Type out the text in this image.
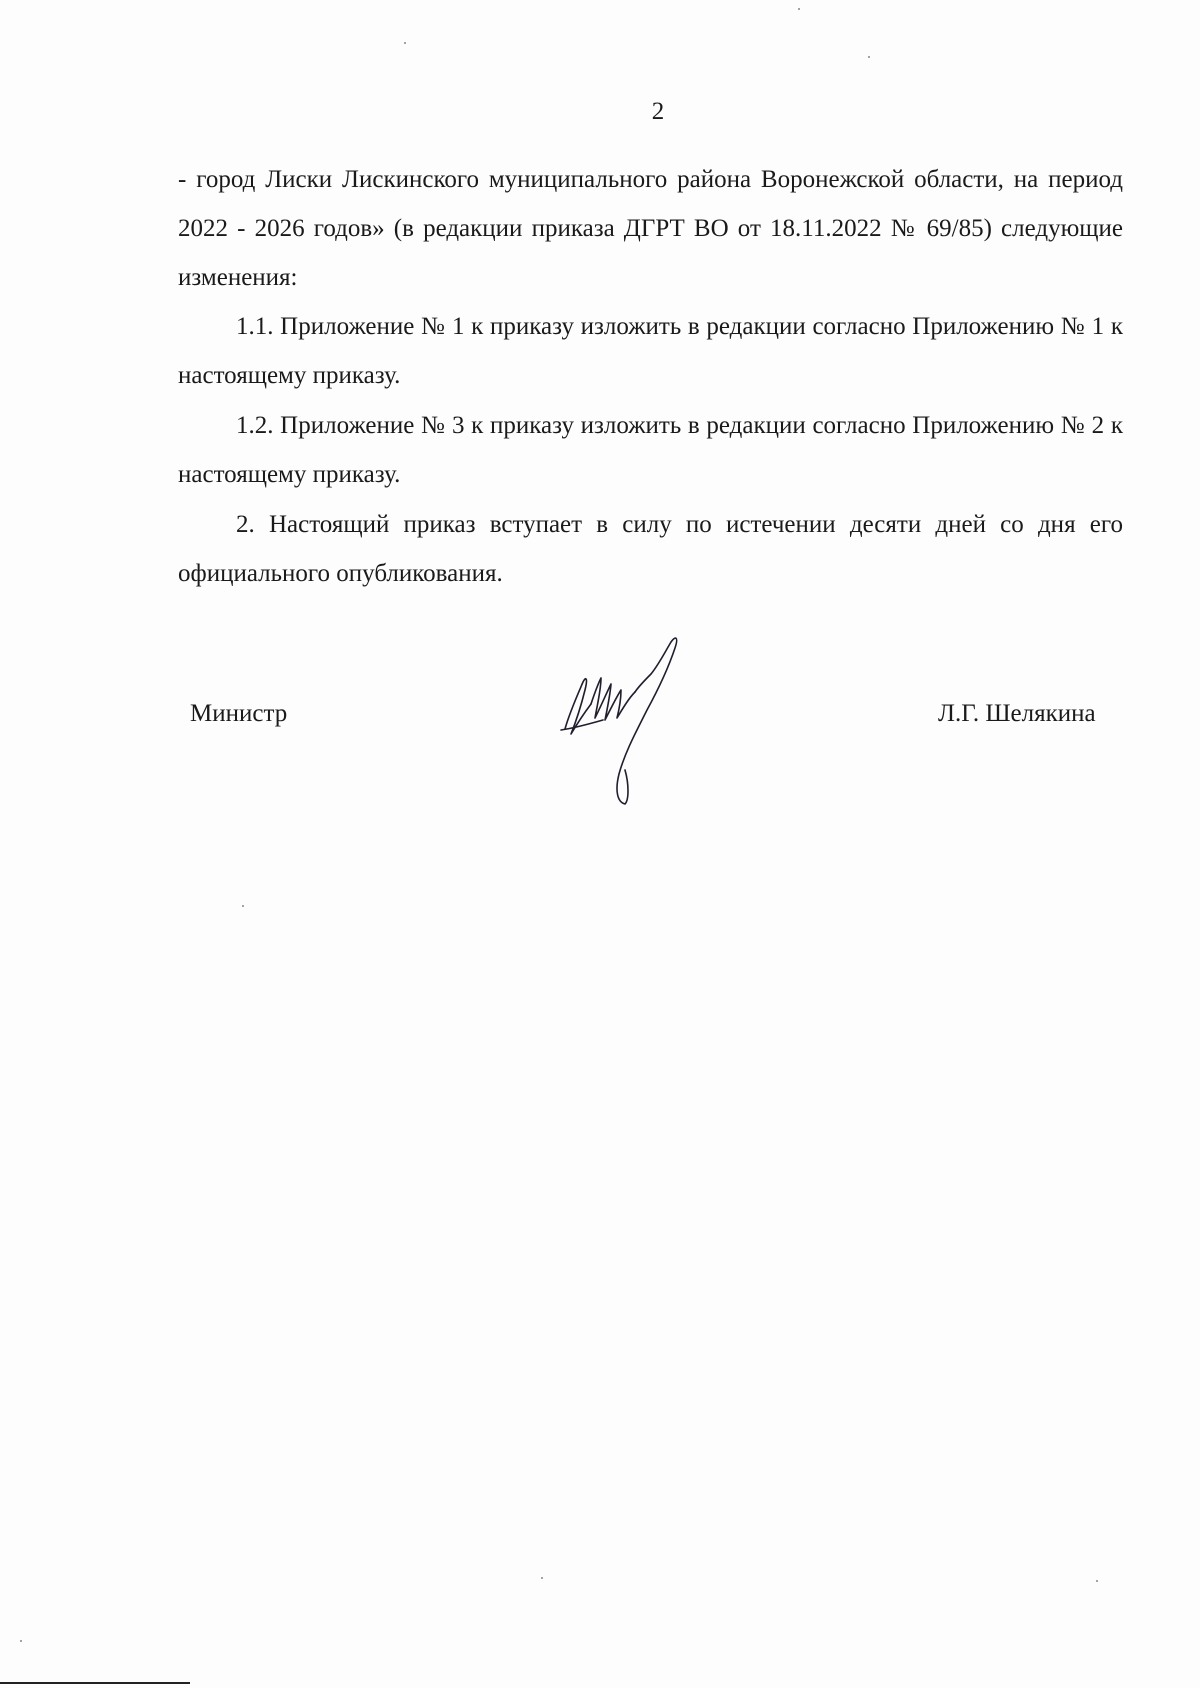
2

- город Лиски Лискинского муниципального района Воронежской области, на период 2022 - 2026 годов» (в редакции приказа ДГРТ ВО от 18.11.2022 № 69/85) следующие изменения:

1.1. Приложение № 1 к приказу изложить в редакции согласно Приложению № 1 к настоящему приказу.

1.2. Приложение № 3 к приказу изложить в редакции согласно Приложению № 2 к настоящему приказу.

2. Настоящий приказ вступает в силу по истечении десяти дней со дня его официального опубликования.

Министр	Л.Г. Шелякина
